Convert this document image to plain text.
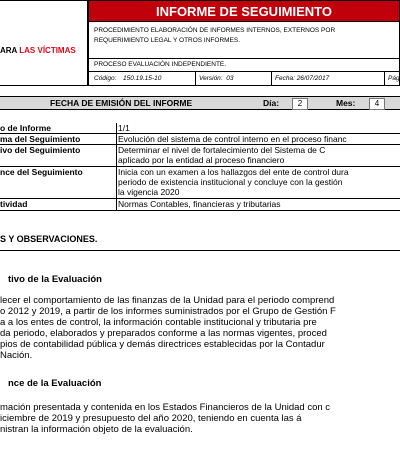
ARA LAS VÍCTIMAS
INFORME DE SEGUIMIENTO
PROCEDIMIENTO ELABORACIÓN DE INFORMES INTERNOS, EXTERNOS POR
REQUERIMIENTO LEGAL Y OTROS INFORMES.
PROCESO EVALUACIÓN INDEPENDIENTE.
Código: 150.19.15-10	Versión: 03	Fecha: 26/07/2017	Pág
FECHA DE EMISIÓN DEL INFORME	Día:	2	Mes:	4
o de Informe	1/1
ma del Seguimiento	Evolución del sistema de control interno en el proceso financ
ivo del Seguimiento	Determinar el nivel de fortalecimiento del Sistema de C
aplicado por la entidad al proceso financiero
nce del Seguimiento	Inicia con un examen a los hallazgos del ente de control dura
periodo de existencia institucional y concluye con la gestión
la vigencia 2020
tividad	Normas Contables, financieras y tributarias
S Y OBSERVACIONES.
tivo de la Evaluación
lecer el comportamiento de las finanzas de la Unidad para el periodo comprend
o 2012 y 2019, a partir de los informes suministrados por el Grupo de Gestión F
a a los entes de control, la información contable institucional y tributaria pre
da periodo, elaborados y preparados conforme a las normas vigentes, proced
pios de contabilidad pública y demás directrices establecidas por la Contadur
Nación.
nce de la Evaluación
mación presentada y contenida en los Estados Financieros de la Unidad con c
iciembre de 2019 y presupuesto del año 2020, teniendo en cuenta las á
nistran la información objeto de la evaluación.
